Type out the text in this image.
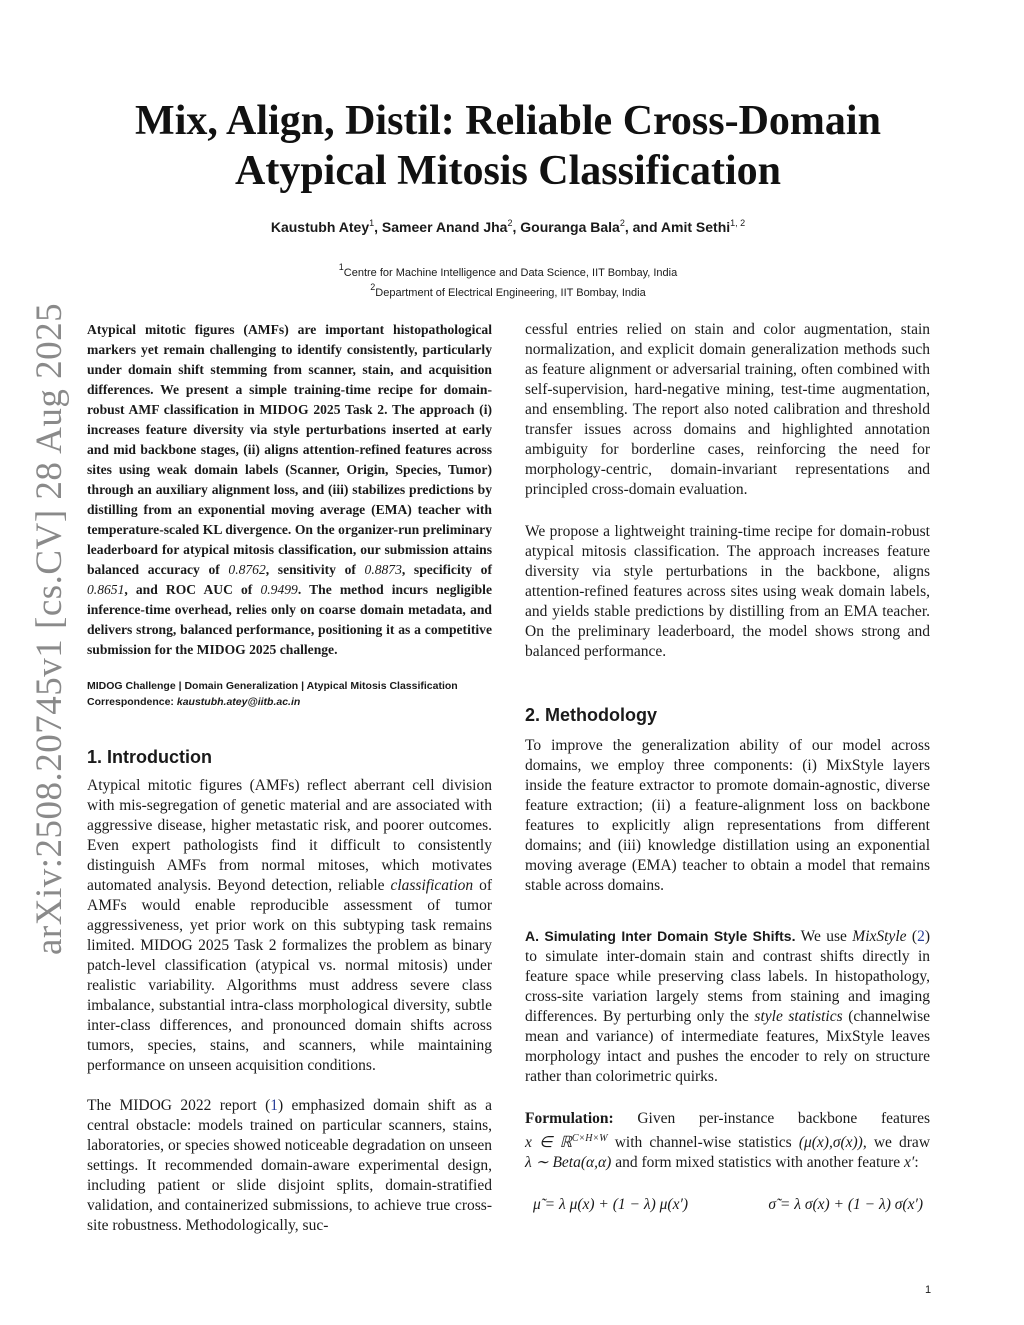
arXiv:2508.20745v1 [cs.CV] 28 Aug 2025
Mix, Align, Distil: Reliable Cross-Domain
Atypical Mitosis Classification
Kaustubh Atey$^1$, Sameer Anand Jha$^2$, Gouranga Bala$^2$, and Amit Sethi$^{1, 2}$
$^1$Centre for Machine Intelligence and Data Science, IIT Bombay, India
$^2$Department of Electrical Engineering, IIT Bombay, India

Atypical mitotic figures (AMFs) are important histopathological markers yet remain challenging to identify consistently, particularly under domain shift stemming from scanner, stain, and acquisition differences. We present a simple training-time recipe for domain-robust AMF classification in MIDOG 2025 Task 2. The approach (i) increases feature diversity via style perturbations inserted at early and mid backbone stages, (ii) aligns attention-refined features across sites using weak domain labels (Scanner, Origin, Species, Tumor) through an auxiliary alignment loss, and (iii) stabilizes predictions by distilling from an exponential moving average (EMA) teacher with temperature-scaled KL divergence. On the organizer-run preliminary leaderboard for atypical mitosis classification, our submission attains balanced accuracy of 0.8762, sensitivity of 0.8873, specificity of 0.8651, and ROC AUC of 0.9499. The method incurs negligible inference-time overhead, relies only on coarse domain metadata, and delivers strong, balanced performance, positioning it as a competitive submission for the MIDOG 2025 challenge.

MIDOG Challenge | Domain Generalization | Atypical Mitosis Classification
Correspondence: kaustubh.atey@iitb.ac.in
1. Introduction

Atypical mitotic figures (AMFs) reflect aberrant cell division with mis-segregation of genetic material and are associated with aggressive disease, higher metastatic risk, and poorer outcomes. Even expert pathologists find it difficult to consistently distinguish AMFs from normal mitoses, which motivates automated analysis. Beyond detection, reliable classification of AMFs would enable reproducible assessment of tumor aggressiveness, yet prior work on this subtyping task remains limited. MIDOG 2025 Task 2 formalizes the problem as binary patch-level classification (atypical vs. normal mitosis) under realistic variability. Algorithms must address severe class imbalance, substantial intra-class morphological diversity, subtle inter-class differences, and pronounced domain shifts across tumors, species, stains, and scanners, while maintaining performance on unseen acquisition conditions.

The MIDOG 2022 report (1) emphasized domain shift as a central obstacle: models trained on particular scanners, stains, laboratories, or species showed noticeable degradation on unseen settings. It recommended domain-aware experimental design, including patient or slide disjoint splits, domain-stratified validation, and containerized submissions, to achieve true cross-site robustness. Methodologically, suc-

cessful entries relied on stain and color augmentation, stain normalization, and explicit domain generalization methods such as feature alignment or adversarial training, often combined with self-supervision, hard-negative mining, test-time augmentation, and ensembling. The report also noted calibration and threshold transfer issues across domains and highlighted annotation ambiguity for borderline cases, reinforcing the need for morphology-centric, domain-invariant representations and principled cross-domain evaluation.

We propose a lightweight training-time recipe for domain-robust atypical mitosis classification. The approach increases feature diversity via style perturbations in the backbone, aligns attention-refined features across sites using weak domain labels, and yields stable predictions by distilling from an EMA teacher. On the preliminary leaderboard, the model shows strong and balanced performance.

2. Methodology

To improve the generalization ability of our model across domains, we employ three components: (i) MixStyle layers inside the feature extractor to promote domain-agnostic, diverse feature extraction; (ii) a feature-alignment loss on backbone features to explicitly align representations from different domains; and (iii) knowledge distillation using an exponential moving average (EMA) teacher to obtain a model that remains stable across domains.

A. Simulating Inter Domain Style Shifts. We use MixStyle (2) to simulate inter-domain stain and contrast shifts directly in feature space while preserving class labels. In histopathology, cross-site variation largely stems from staining and imaging differences. By perturbing only the style statistics (channelwise mean and variance) of intermediate features, MixStyle leaves morphology intact and pushes the encoder to rely on structure rather than colorimetric quirks.

Formulation: Given per-instance backbone features x ∈ ℝ$^{C\times H\times W}$ with channel-wise statistics (μ(x),σ(x)), we draw λ ∼ Beta(α,α) and form mixed statistics with another feature x′:

μ̃ = λ μ(x) + (1 − λ) μ(x′)	σ̃ = λ σ(x) + (1 − λ) σ(x′)
1
